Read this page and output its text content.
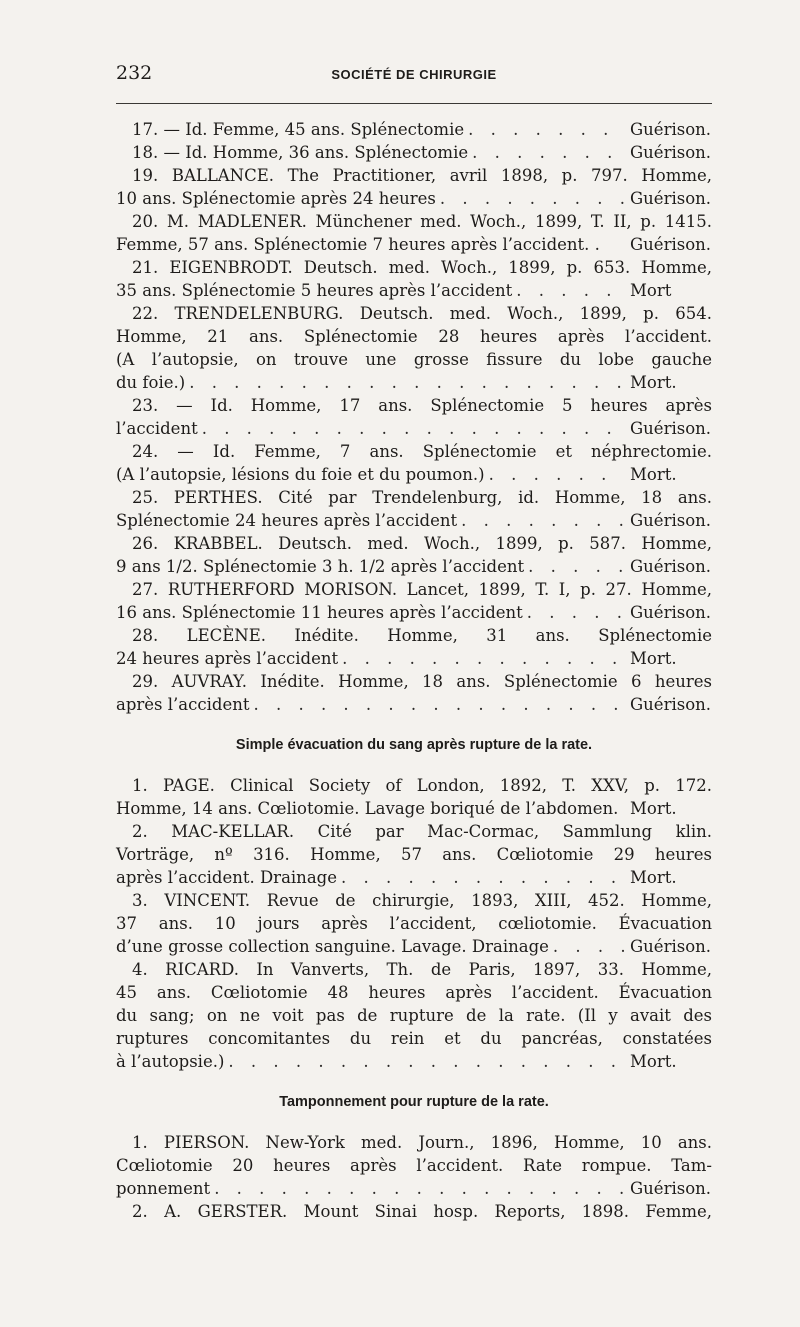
232	SOCIÉTÉ DE CHIRURGIE
17. — Id. Femme, 45 ans. Splénectomie . . .	Guérison.
18. — Id. Homme, 36 ans. Splénectomie . . .	Guérison.
19. BALLANCE. The Practitioner, avril 1898, p. 797. Homme,
10 ans. Splénectomie après 24 heures . . .	Guérison.
20. M. MADLENER. Münchener med. Woch., 1899, T. II, p. 1415.
Femme, 57 ans. Splénectomie 7 heures après l’accident. . Guérison.
21. EIGENBRODT. Deutsch. med. Woch., 1899, p. 653. Homme,
35 ans. Splénectomie 5 heures après l’accident . . .	Mort
22. TRENDELENBURG. Deutsch. med. Woch., 1899, p. 654.
Homme, 21 ans. Splénectomie 28 heures après l’accident.
(A l’autopsie, on trouve une grosse fissure du lobe gauche
du foie.) . . .	Mort.
23. — Id. Homme, 17 ans. Splénectomie 5 heures après
l’accident . . .	Guérison.
24. — Id. Femme, 7 ans. Splénectomie et néphrectomie.
(A l’autopsie, lésions du foie et du poumon.) . . .	Mort.
25. PERTHES. Cité par Trendelenburg, id. Homme, 18 ans.
Splénectomie 24 heures après l’accident . . .	Guérison.
26. KRABBEL. Deutsch. med. Woch., 1899, p. 587. Homme,
9 ans 1/2. Splénectomie 3 h. 1/2 après l’accident . . .	Guérison.
27. RUTHERFORD MORISON. Lancet, 1899, T. I, p. 27. Homme,
16 ans. Splénectomie 11 heures après l’accident . . .	Guérison.
28. LECÈNE. Inédite. Homme, 31 ans. Splénectomie
24 heures après l’accident . . .	Mort.
29. AUVRAY. Inédite. Homme, 18 ans. Splénectomie 6 heures
après l’accident . . .	Guérison.
Simple évacuation du sang après rupture de la rate.
1. PAGE. Clinical Society of London, 1892, T. XXV, p. 172.
Homme, 14 ans. Cœliotomie. Lavage boriqué de l’abdomen. Mort.
2. MAC-KELLAR. Cité par Mac-Cormac, Sammlung klin.
Vorträge, nº 316. Homme, 57 ans. Cœliotomie 29 heures
après l’accident. Drainage . . .	Mort.
3. VINCENT. Revue de chirurgie, 1893, XIII, 452. Homme,
37 ans. 10 jours après l’accident, cœliotomie. Évacuation
d’une grosse collection sanguine. Lavage. Drainage . . .	Guérison.
4. RICARD. In Vanverts, Th. de Paris, 1897, 33. Homme,
45 ans. Cœliotomie 48 heures après l’accident. Évacuation
du sang; on ne voit pas de rupture de la rate. (Il y avait des
ruptures concomitantes du rein et du pancréas, constatées
à l’autopsie.) . . .	Mort.
Tamponnement pour rupture de la rate.
1. PIERSON. New-York med. Journ., 1896, Homme, 10 ans.
Cœliotomie 20 heures après l’accident. Rate rompue. Tam-
ponnement . . .	Guérison.
2. A. GERSTER. Mount Sinai hosp. Reports, 1898. Femme,
